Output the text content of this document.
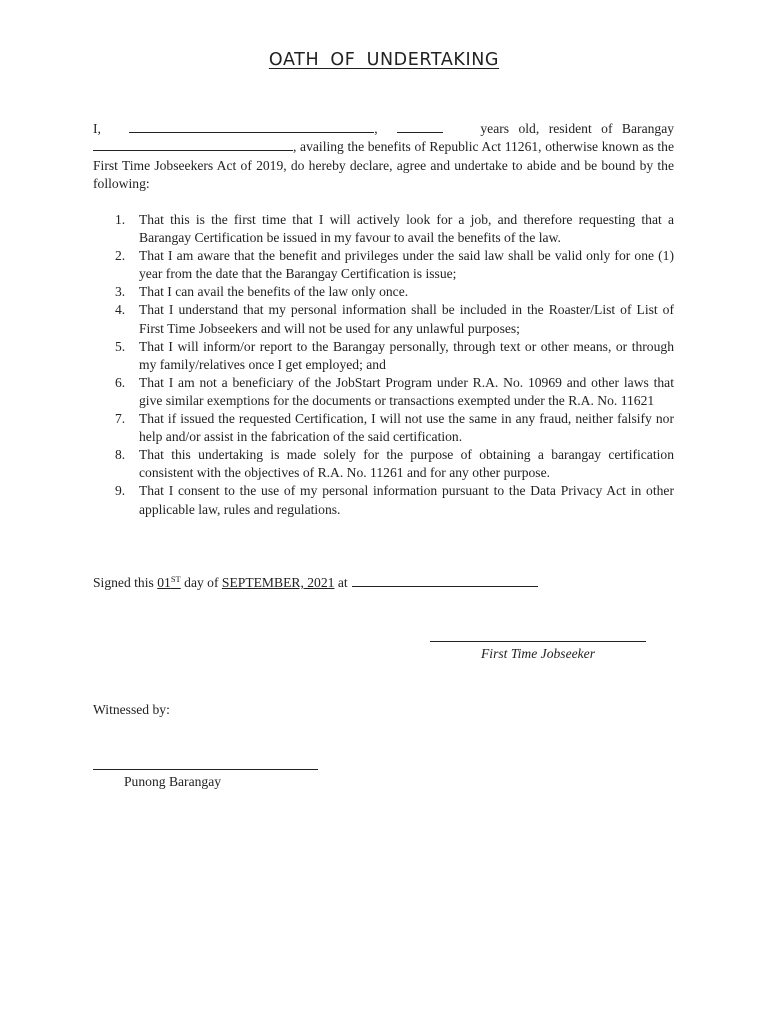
OATH OF UNDERTAKING
I,	,	years old, resident of Barangay , availing the benefits of Republic Act 11261, otherwise known as the First Time Jobseekers Act of 2019, do hereby declare, agree and undertake to abide and be bound by the following:
1. That this is the first time that I will actively look for a job, and therefore requesting that a Barangay Certification be issued in my favour to avail the benefits of the law.
2. That I am aware that the benefit and privileges under the said law shall be valid only for one (1) year from the date that the Barangay Certification is issue;
3. That I can avail the benefits of the law only once.
4. That I understand that my personal information shall be included in the Roaster/List of List of First Time Jobseekers and will not be used for any unlawful purposes;
5. That I will inform/or report to the Barangay personally, through text or other means, or through my family/relatives once I get employed; and
6. That I am not a beneficiary of the JobStart Program under R.A. No. 10969 and other laws that give similar exemptions for the documents or transactions exempted under the R.A. No. 11621
7. That if issued the requested Certification, I will not use the same in any fraud, neither falsify nor help and/or assist in the fabrication of the said certification.
8. That this undertaking is made solely for the purpose of obtaining a barangay certification consistent with the objectives of R.A. No. 11261 and for any other purpose.
9. That I consent to the use of my personal information pursuant to the Data Privacy Act in other applicable law, rules and regulations.
Signed this 01ST day of SEPTEMBER, 2021 at
First Time Jobseeker
Witnessed by:
Punong Barangay
